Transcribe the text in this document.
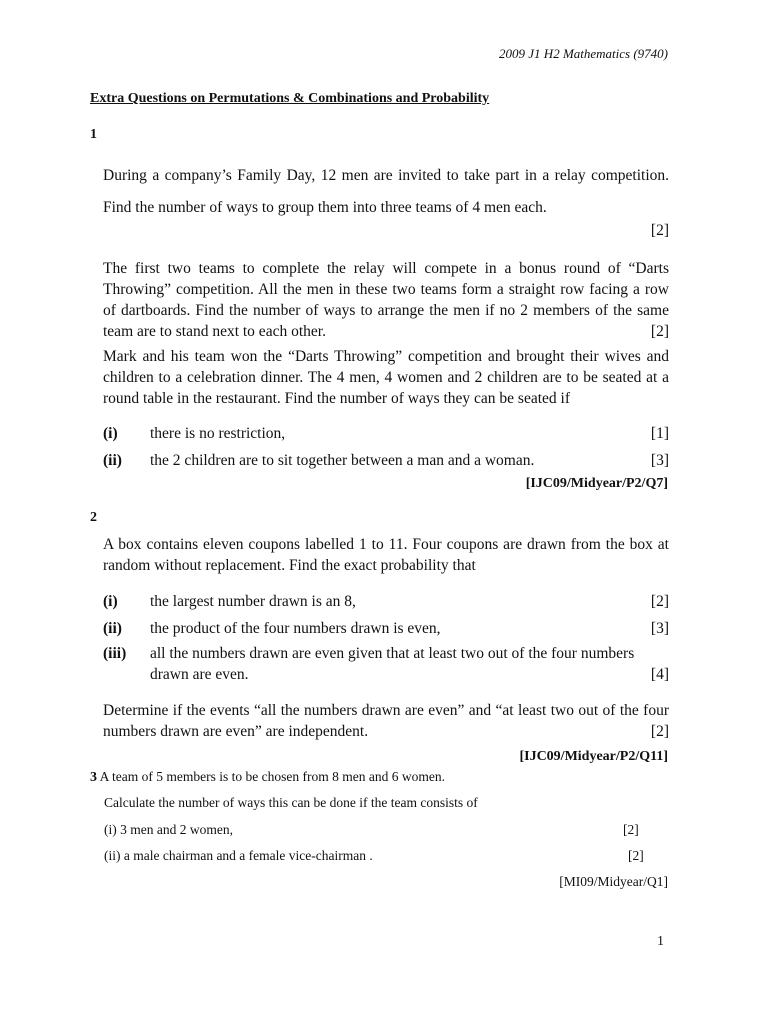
2009 J1 H2 Mathematics (9740)
Extra Questions on Permutations & Combinations and Probability
1
During a company’s Family Day, 12 men are invited to take part in a relay competition. Find the number of ways to group them into three teams of 4 men each.
[2]
The first two teams to complete the relay will compete in a bonus round of “Darts Throwing” competition. All the men in these two teams form a straight row facing a row of dartboards. Find the number of ways to arrange the men if no 2 members of the same team are to stand next to each other.	[2]
Mark and his team won the “Darts Throwing” competition and brought their wives and children to a celebration dinner. The 4 men, 4 women and 2 children are to be seated at a round table in the restaurant. Find the number of ways they can be seated if
(i)	there is no restriction,	[1]
(ii)	the 2 children are to sit together between a man and a woman.	[3]
[IJC09/Midyear/P2/Q7]
2
A box contains eleven coupons labelled 1 to 11. Four coupons are drawn from the box at random without replacement. Find the exact probability that
(i)	the largest number drawn is an 8,	[2]
(ii)	the product of the four numbers drawn is even,	[3]
(iii)	all the numbers drawn are even given that at least two out of the four numbers drawn are even.	[4]
Determine if the events “all the numbers drawn are even” and “at least two out of the four numbers drawn are even” are independent.	[2]
[IJC09/Midyear/P2/Q11]
3 A team of 5 members is to be chosen from 8 men and 6 women.
Calculate the number of ways this can be done if the team consists of
(i) 3 men and 2 women,	[2]
(ii) a male chairman and a female vice-chairman .	[2]
[MI09/Midyear/Q1]
1
